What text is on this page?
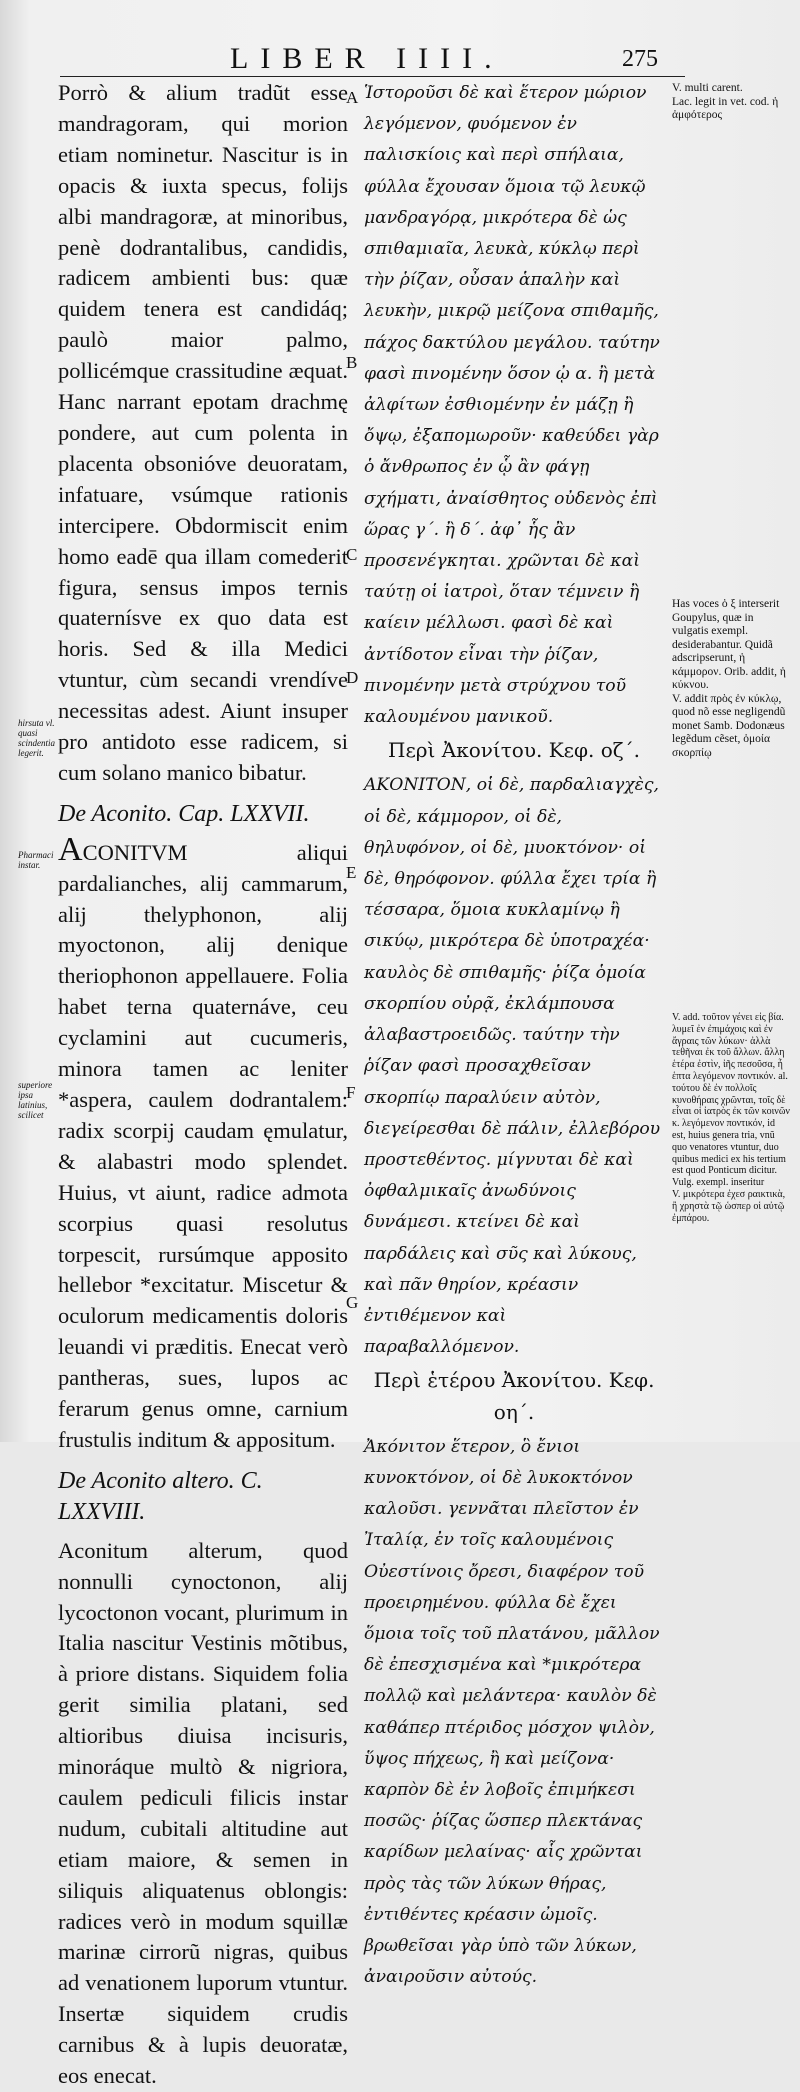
LIBER IIII.	275

Porrò & alium tradũt esse mandragoram, qui morion etiam nominetur. Nascitur is in opacis & iuxta specus, folijs albi mandragoræ, at minoribus, penè dodrantalibus, candidis, radicem ambienti bus: quæ quidem tenera est candidáq; paulò maior palmo, pollicémque crassitudine æquat. Hanc narrant epotam drachmę pondere, aut cum polenta in placenta obsonióve deuoratam, infatuare, vsúmque rationis intercipere. Obdormiscit enim homo eadē qua illam comederit figura, sensus impos ternis quaternísve ex quo data est horis. Sed & illa Medici vtuntur, cùm secandi vrendíve necessitas adest. Aiunt insuper pro antidoto esse radicem, si cum solano manico bibatur.

De Aconito. Cap. LXXVII.

ACONITVM aliqui pardalianches, alij cammarum, alij thelyphonon, alij myoctonon, alij denique theriophonon appellauere. Folia habet terna quaternáve, ceu cyclamini aut cucumeris, minora tamen ac leniter *aspera, caulem dodrantalem: radix scorpij caudam ęmulatur, & alabastri modo splendet. Huius, vt aiunt, radice admota scorpius quasi resolutus torpescit, rursúmque apposito hellebor *excitatur. Miscetur & oculorum medicamentis doloris leuandi vi præditis. Enecat verò pantheras, sues, lupos ac ferarum genus omne, carnium frustulis inditum & appositum.

De Aconito altero. C. LXXVIII.

Aconitum alterum, quod nonnulli cynoctonon, alij lycoctonon vocant, plurimum in Italia nascitur Vestinis mõtibus, à priore distans. Siquidem folia gerit similia platani, sed altioribus diuisa incisuris, minoráque multò & nigriora, caulem pediculi filicis instar nudum, cubitali altitudine aut etiam maiore, & semen in siliquis aliquatenus oblongis: radices verò in modum squillæ marinæ cirrorũ nigras, quibus ad venationem luporum vtuntur. Insertæ siquidem crudis carnibus & à lupis deuoratæ, eos enecat.

A
B
C
D
E
F
G

Ἱστοροῦσι δὲ καὶ ἕτερον μώριον λεγόμενον, φυόμενον ἐν παλισκίοις καὶ περὶ σπήλαια, φύλλα ἔχουσαν ὅμοια τῷ λευκῷ μανδραγόρᾳ, μικρότερα δὲ ὡς σπιθαμιαῖα, λευκὰ, κύκλῳ περὶ τὴν ῥίζαν, οὖσαν ἁπαλὴν καὶ λευκὴν, μικρῷ μείζονα σπιθαμῆς, πάχος δακτύλου μεγάλου. ταύτην φασὶ πινομένην ὅσον ᾠ α. ἢ μετὰ ἀλφίτων ἐσθιομένην ἐν μάζῃ ἢ ὄψῳ, ἐξαπομωροῦν· καθεύδει γὰρ ὁ ἄνθρωπος ἐν ᾧ ἂν φάγῃ σχήματι, ἀναίσθητος οὐδενὸς ἐπὶ ὥρας γ΄. ἢ δ΄. ἀφ᾽ ἧς ἂν προσενέγκηται. χρῶνται δὲ καὶ ταύτῃ οἱ ἰατροὶ, ὅταν τέμνειν ἢ καίειν μέλλωσι. φασὶ δὲ καὶ ἀντίδοτον εἶναι τὴν ῥίζαν, πινομένην μετὰ στρύχνου τοῦ καλουμένου μανικοῦ.

Περὶ Ἀκονίτου. Κεφ. οζ΄.

ΑΚΟΝΙΤΟΝ, οἱ δὲ, παρδαλιαγχὲς, οἱ δὲ, κάμμορον, οἱ δὲ, θηλυφόνον, οἱ δὲ, μυοκτόνον· οἱ δὲ, θηρόφονον. φύλλα ἔχει τρία ἢ τέσσαρα, ὅμοια κυκλαμίνῳ ἢ σικύῳ, μικρότερα δὲ ὑποτραχέα· καυλὸς δὲ σπιθαμῆς· ῥίζα ὁμοία σκορπίου οὐρᾷ, ἐκλάμπουσα ἀλαβαστροειδῶς. ταύτην τὴν ῥίζαν φασὶ προσαχθεῖσαν σκορπίῳ παραλύειν αὐτὸν, διεγείρεσθαι δὲ πάλιν, ἐλλεβόρου προστεθέντος. μίγνυται δὲ καὶ ὀφθαλμικαῖς ἀνωδύνοις δυνάμεσι. κτείνει δὲ καὶ παρδάλεις καὶ σῦς καὶ λύκους, καὶ πᾶν θηρίον, κρέασιν ἐντιθέμενον καὶ παραβαλλόμενον.

Περὶ ἑτέρου Ἀκονίτου. Κεφ. οη΄.

Ἀκόνιτον ἕτερον, ὃ ἔνιοι κυνοκτόνον, οἱ δὲ λυκοκτόνον καλοῦσι. γεννᾶται πλεῖστον ἐν Ἰταλίᾳ, ἐν τοῖς καλουμένοις Οὐεστίνοις ὄρεσι, διαφέρον τοῦ προειρημένου. φύλλα δὲ ἔχει ὅμοια τοῖς τοῦ πλατάνου, μᾶλλον δὲ ἐπεσχισμένα καὶ *μικρότερα πολλῷ καὶ μελάντερα· καυλὸν δὲ καθάπερ πτέριδος μόσχον ψιλὸν, ὕψος πήχεως, ἢ καὶ μείζονα· καρπὸν δὲ ἐν λοβοῖς ἐπιμήκεσι ποσῶς· ῥίζας ὥσπερ πλεκτάνας καρίδων μελαίνας· αἷς χρῶνται πρὸς τὰς τῶν λύκων θήρας, ἐντιθέντες κρέασιν ὠμοῖς. βρωθεῖσαι γὰρ ὑπὸ τῶν λύκων, ἀναιροῦσιν αὐτούς.

hirsuta vl. quasi scindentia legerit.
Pharmaci instar.
superiore ipsa latinius, scilicet

V. multi carent.

Lac. legit in vet. cod. ἡ ἀμφότερος

Has voces ὁ ξ interserit Goupylus, quæ in vulgatis exempl. desiderabantur. Quidã adscripserunt, ἡ κάμμορον. Orib. addit, ἡ κύκνου.

V. addit πρὸς ἐν κύκλῳ, quod nõ esse negligendũ monet Samb. Dodonæus legẽdum cẽset, ὁμοία σκορπίῳ

V. add. τοῦτον γένει εἰς βία. λυμεῖ ἐν ἐπιμάχοις καὶ ἐν ἄγραις τῶν λύκων· ἀλλὰ τεθῆναι ἐκ τοῦ ἄλλων. ἄλλη ἑτέρα ἐστὶν, ἰῆς πεσοῦσα, ἦ ἑπτα λεγόμενον ποντικόν. al. τούτου δὲ ἐν πολλοῖς κυνοθήραις χρῶνται, τοῖς δὲ εἶναι οἱ ἰατρὸς ἐκ τῶν κοινῶν κ. λεγόμενον ποντικόν, id est, huius genera tria, vnũ quo venatores vtuntur, duo quibus medici ex his tertium est quod Ponticum dicitur.

Vulg. exempl. inseritur

V. μικρότερα ἐχεσ ραικτικὰ, ἢ χρηστὰ τῷ ὡσπερ οἱ αὐτῷ ἐμπάρου.
